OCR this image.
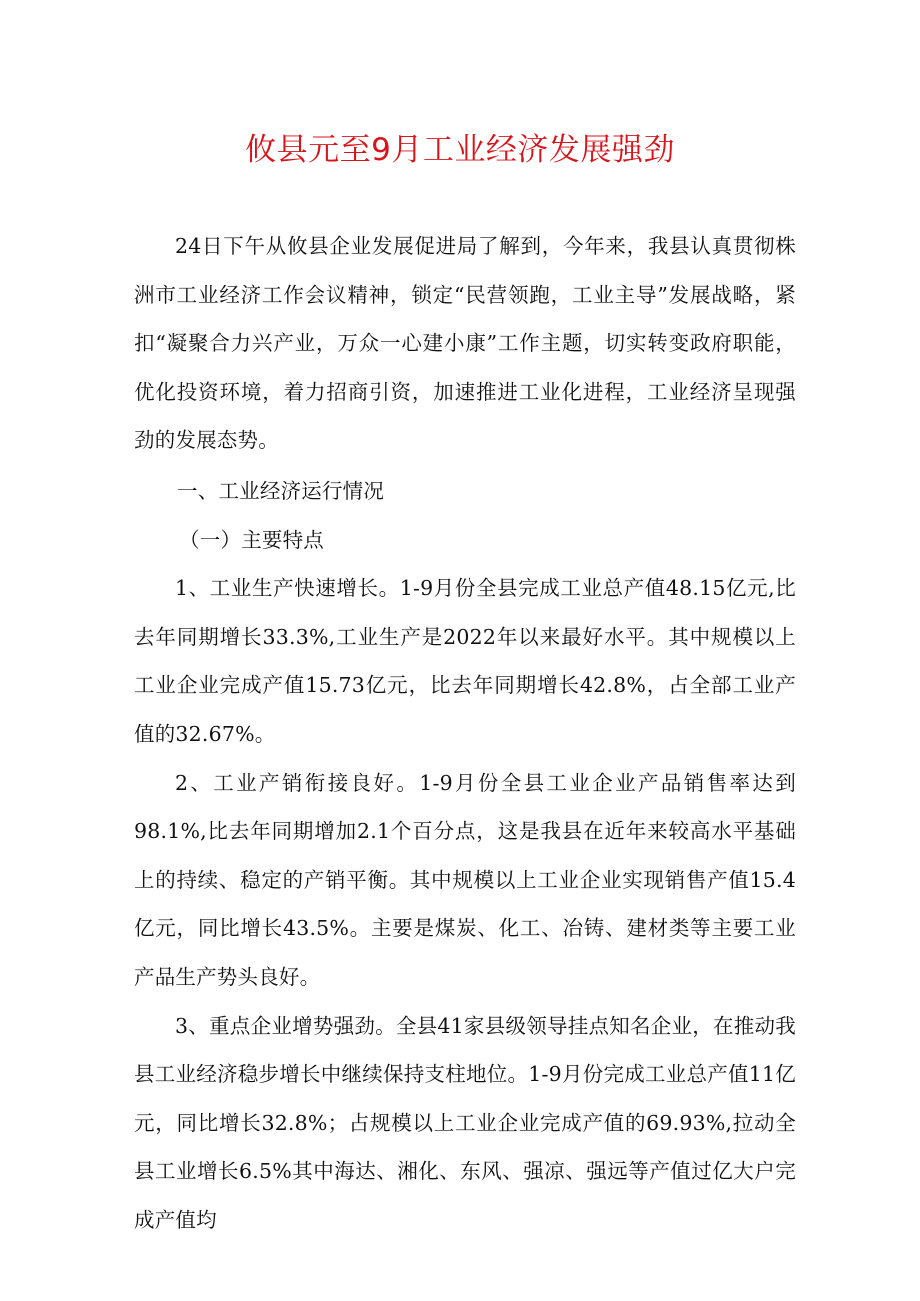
攸县元至9月工业经济发展强劲

24日下午从攸县企业发展促进局了解到，今年来，我县认真贯彻株洲市工业经济工作会议精神，锁定“民营领跑，工业主导”发展战略，紧扣“凝聚合力兴产业，万众一心建小康”工作主题，切实转变政府职能，优化投资环境，着力招商引资，加速推进工业化进程，工业经济呈现强劲的发展态势。

一、工业经济运行情况

（一）主要特点

1、工业生产快速增长。1-9月份全县完成工业总产值48.15亿元,比去年同期增长33.3%,工业生产是2022年以来最好水平。其中规模以上工业企业完成产值15.73亿元，比去年同期增长42.8%，占全部工业产值的32.67%。

2、工业产销衔接良好。1-9月份全县工业企业产品销售率达到98.1%,比去年同期增加2.1个百分点，这是我县在近年来较高水平基础上的持续、稳定的产销平衡。其中规模以上工业企业实现销售产值15.4亿元，同比增长43.5%。主要是煤炭、化工、冶铸、建材类等主要工业产品生产势头良好。

3、重点企业增势强劲。全县41家县级领导挂点知名企业，在推动我县工业经济稳步增长中继续保持支柱地位。1-9月份完成工业总产值11亿元，同比增长32.8%；占规模以上工业企业完成产值的69.93%,拉动全县工业增长6.5%其中海达、湘化、东风、强凉、强远等产值过亿大户完成产值均
